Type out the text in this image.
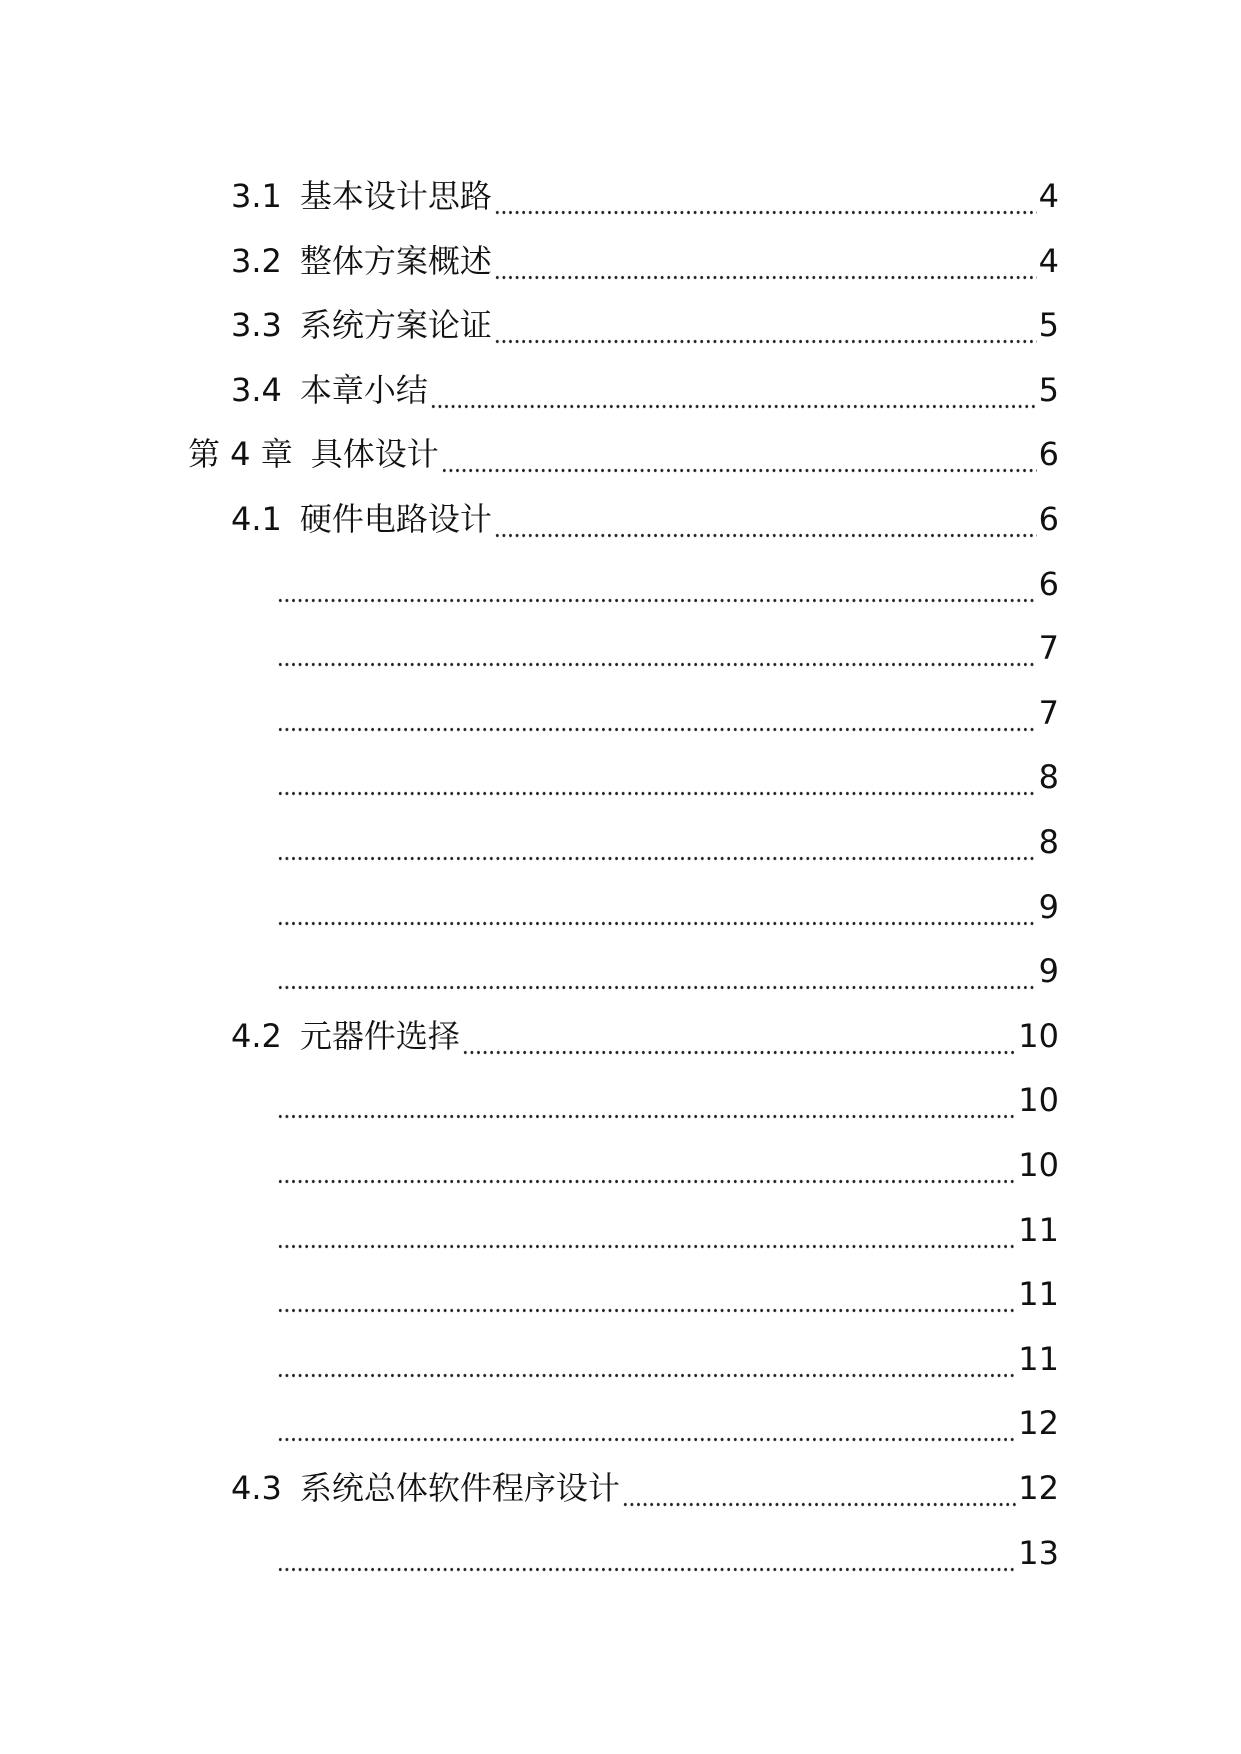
3.1 基本设计思路	4
3.2 整体方案概述	4
3.3 系统方案论证	5
3.4 本章小结	5
第 4 章 具体设计	6
4.1 硬件电路设计	6
6
7
7
8
8
9
9
4.2 元器件选择	10
10
10
11
11
11
12
4.3 系统总体软件程序设计	12
13
